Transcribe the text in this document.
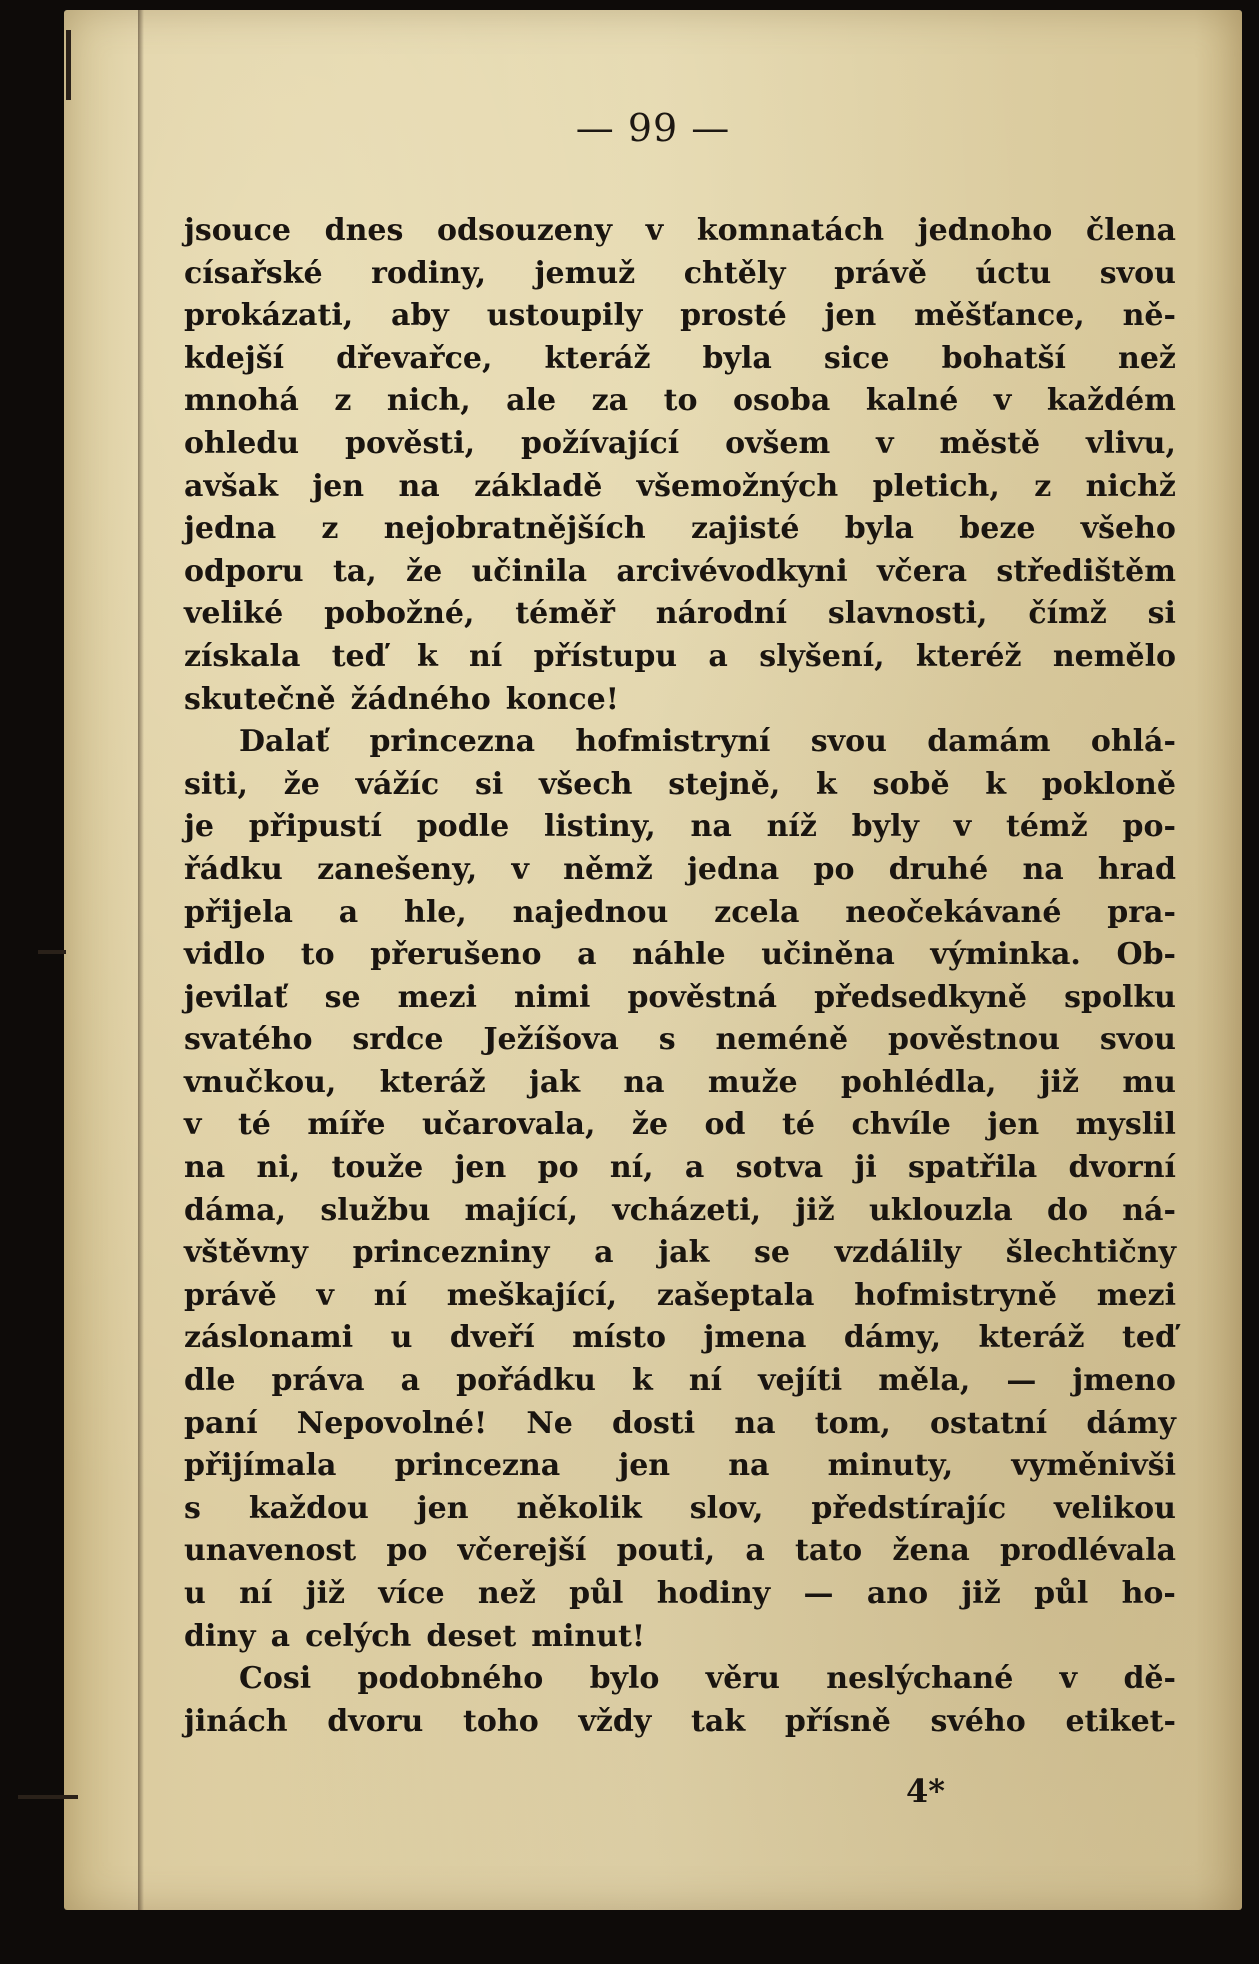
— 99 —
jsouce dnes odsouzeny v komnatách jednoho člena
císařské rodiny, jemuž chtěly právě úctu svou
prokázati, aby ustoupily prosté jen měšťance, ně-
kdejší dřevařce, kteráž byla sice bohatší než
mnohá z nich, ale za to osoba kalné v každém
ohledu pověsti, požívající ovšem v městě vlivu,
avšak jen na základě všemožných pletich, z nichž
jedna z nejobratnějších zajisté byla beze všeho
odporu ta, že učinila arcivévodkyni včera středištěm
veliké pobožné, téměř národní slavnosti, čímž si
získala teď k ní přístupu a slyšení, kteréž nemělo
skutečně žádného konce!
Dalať princezna hofmistryní svou damám ohlá-
siti, že vážíc si všech stejně, k sobě k pokloně
je připustí podle listiny, na níž byly v témž po-
řádku zanešeny, v němž jedna po druhé na hrad
přijela a hle, najednou zcela neočekávané pra-
vidlo to přerušeno a náhle učiněna výminka. Ob-
jevilať se mezi nimi pověstná předsedkyně spolku
svatého srdce Ježíšova s neméně pověstnou svou
vnučkou, kteráž jak na muže pohlédla, již mu
v té míře učarovala, že od té chvíle jen myslil
na ni, touže jen po ní, a sotva ji spatřila dvorní
dáma, službu mající, vcházeti, již uklouzla do ná-
vštěvny princezniny a jak se vzdálily šlechtičny
právě v ní meškající, zašeptala hofmistryně mezi
záslonami u dveří místo jmena dámy, kteráž teď
dle práva a pořádku k ní vejíti měla, — jmeno
paní Nepovolné! Ne dosti na tom, ostatní dámy
přijímala princezna jen na minuty, vyměnivši
s každou jen několik slov, předstírajíc velikou
unavenost po včerejší pouti, a tato žena prodlévala
u ní již více než půl hodiny — ano již půl ho-
diny a celých deset minut!
Cosi podobného bylo věru neslýchané v dě-
jinách dvoru toho vždy tak přísně svého etiket-
4*
